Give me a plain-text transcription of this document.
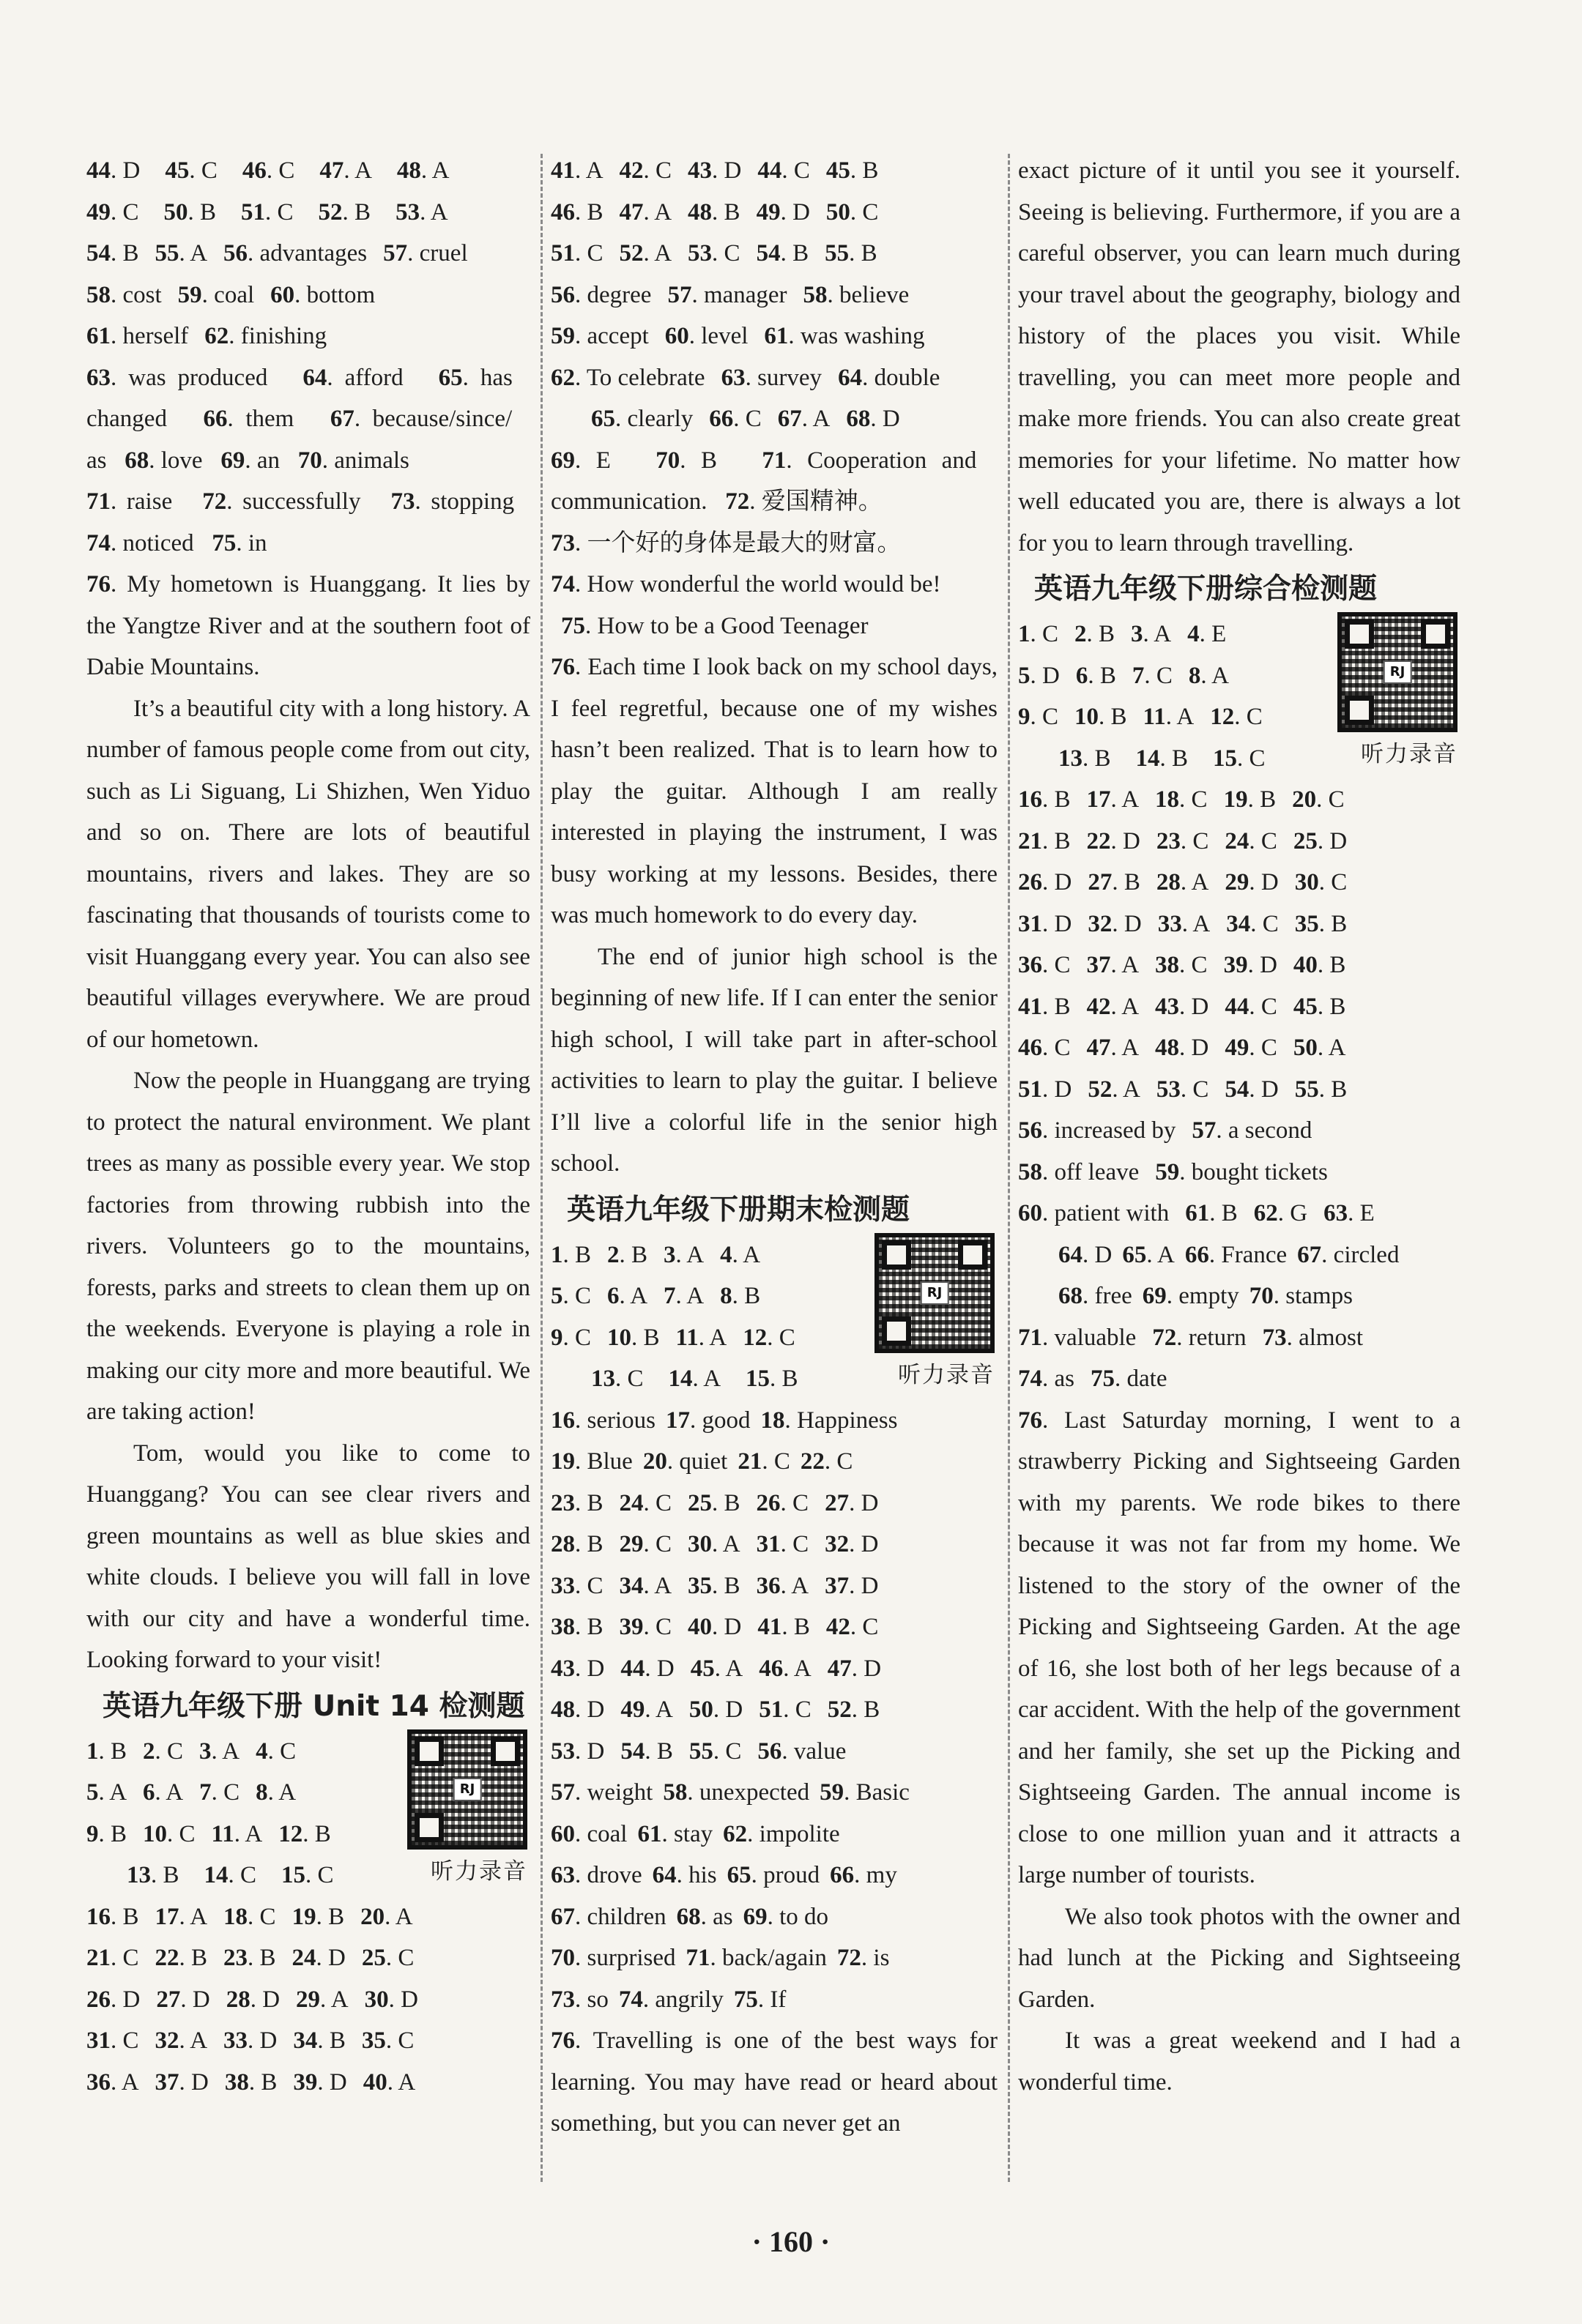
44. D 45. C 46. C 47. A 48. A
49. C 50. B 51. C 52. B 53. A
54. B 55. A 56. advantages 57. cruel
58. cost 59. coal 60. bottom
61. herself 62. finishing
63. was produced 64. afford 65. has
changed 66. them 67. because/since/
as 68. love 69. an 70. animals
71. raise 72. successfully 73. stopping
74. noticed 75. in

76. My hometown is Huanggang. It lies by the Yangtze River and at the southern foot of Dabie Mountains.

It’s a beautiful city with a long history. A number of famous people come from out city, such as Li Siguang, Li Shizhen, Wen Yiduo and so on. There are lots of beautiful mountains, rivers and lakes. They are so fascinating that thousands of tourists come to visit Huanggang every year. You can also see beautiful villages everywhere. We are proud of our hometown.

Now the people in Huanggang are trying to protect the natural environment. We plant trees as many as possible every year. We stop factories from throwing rubbish into the rivers. Volunteers go to the mountains, forests, parks and streets to clean them up on the weekends. Everyone is playing a role in making our city more and more beautiful. We are taking action!

Tom, would you like to come to Huanggang? You can see clear rivers and green mountains as well as blue skies and white clouds. I believe you will fall in love with our city and have a wonderful time. Looking forward to your visit!

英语九年级下册 Unit 14 检测题
RJ
1. B 2. C 3. A 4. C
5. A 6. A 7. C 8. A
9. B 10. C 11. A 12. B
13. B 14. C 15. C	听力录音
16. B 17. A 18. C 19. B 20. A
21. C 22. B 23. B 24. D 25. C
26. D 27. D 28. D 29. A 30. D
31. C 32. A 33. D 34. B 35. C
36. A 37. D 38. B 39. D 40. A
41. A 42. C 43. D 44. C 45. B
46. B 47. A 48. B 49. D 50. C
51. C 52. A 53. C 54. B 55. B
56. degree 57. manager 58. believe
59. accept 60. level 61. was washing
62. To celebrate 63. survey 64. double
65. clearly 66. C 67. A 68. D
69. E 70. B 71. Cooperation and
communication. 72. 爱国精神。
73. 一个好的身体是最大的财富。
74. How wonderful the world would be!
75. How to be a Good Teenager

76. Each time I look back on my school days, I feel regretful, because one of my wishes hasn’t been realized. That is to learn how to play the guitar. Although I am really interested in playing the instrument, I was busy working at my lessons. Besides, there was much homework to do every day.

The end of junior high school is the beginning of new life. If I can enter the senior high school, I will take part in after-school activities to learn to play the guitar. I believe I’ll live a colorful life in the senior high school.

英语九年级下册期末检测题
RJ
1. B 2. B 3. A 4. A
5. C 6. A 7. A 8. B
9. C 10. B 11. A 12. C
13. C 14. A 15. B	听力录音
16. serious 17. good 18. Happiness
19. Blue 20. quiet 21. C 22. C
23. B 24. C 25. B 26. C 27. D
28. B 29. C 30. A 31. C 32. D
33. C 34. A 35. B 36. A 37. D
38. B 39. C 40. D 41. B 42. C
43. D 44. D 45. A 46. A 47. D
48. D 49. A 50. D 51. C 52. B
53. D 54. B 55. C 56. value
57. weight 58. unexpected 59. Basic
60. coal 61. stay 62. impolite
63. drove 64. his 65. proud 66. my
67. children 68. as 69. to do
70. surprised 71. back/again 72. is
73. so 74. angrily 75. If

76. Travelling is one of the best ways for learning. You may have read or heard about something, but you can never get an

exact picture of it until you see it yourself. Seeing is believing. Furthermore, if you are a careful observer, you can learn much during your travel about the geography, biology and history of the places you visit. While travelling, you can meet more people and make more friends. You can also create great memories for your lifetime. No matter how well educated you are, there is always a lot for you to learn through travelling.

英语九年级下册综合检测题
RJ
1. C 2. B 3. A 4. E
5. D 6. B 7. C 8. A
9. C 10. B 11. A 12. C
13. B 14. B 15. C	听力录音
16. B 17. A 18. C 19. B 20. C
21. B 22. D 23. C 24. C 25. D
26. D 27. B 28. A 29. D 30. C
31. D 32. D 33. A 34. C 35. B
36. C 37. A 38. C 39. D 40. B
41. B 42. A 43. D 44. C 45. B
46. C 47. A 48. D 49. C 50. A
51. D 52. A 53. C 54. D 55. B
56. increased by 57. a second
58. off leave 59. bought tickets
60. patient with 61. B 62. G 63. E
64. D 65. A 66. France 67. circled
68. free 69. empty 70. stamps
71. valuable 72. return 73. almost
74. as 75. date

76. Last Saturday morning, I went to a strawberry Picking and Sightseeing Garden with my parents. We rode bikes to there because it was not far from my home. We listened to the story of the owner of the Picking and Sightseeing Garden. At the age of 16, she lost both of her legs because of a car accident. With the help of the government and her family, she set up the Picking and Sightseeing Garden. The annual income is close to one million yuan and it attracts a large number of tourists.

We also took photos with the owner and had lunch at the Picking and Sightseeing Garden.

It was a great weekend and I had a wonderful time.

· 160 ·
